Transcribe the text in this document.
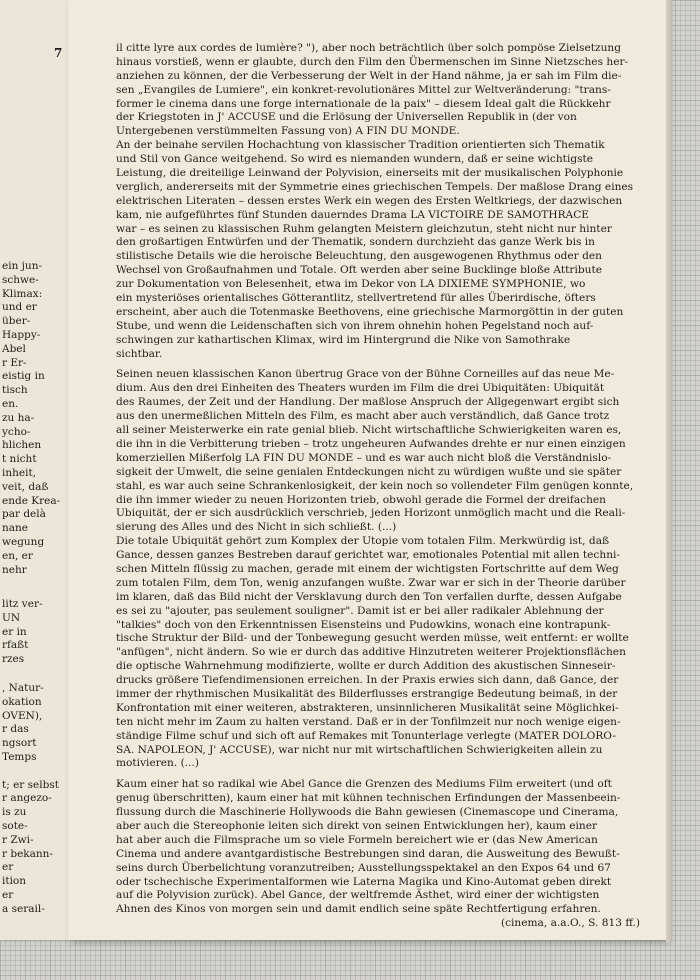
7
ein jun-
schwe-
Klimax:
und er
über-
Happy-
Abel
r Er-
eistig in
tisch
en.
zu ha-
ycho-
hlichen
t nicht
inheit,
veit, daß
ende Krea-
par delà
nane
wegung
en, er
nehr
litz ver-
UN
er in
rfaßt
rzes
, Natur-
okation
OVEN),
r das
ngsort
Temps
t; er selbst
r angezo-
is zu
sote-
r Zwi-
r bekann-
er
ition
er
a serail-
il citte lyre aux cordes de lumière? "), aber noch beträchtlich über solch pompöse Zielsetzung
hinaus vorstieß, wenn er glaubte, durch den Film den Übermenschen im Sinne Nietzsches her-
anziehen zu können, der die Verbesserung der Welt in der Hand nähme, ja er sah im Film die-
sen „Evangiles de Lumiere", ein konkret-revolutionäres Mittel zur Weltveränderung: "trans-
former le cinema dans une forge internationale de la paix" – diesem Ideal galt die Rückkehr
der Kriegstoten in J' ACCUSE und die Erlösung der Universellen Republik in (der von
Untergebenen verstümmelten Fassung von) A FIN DU MONDE.
An der beinahe servilen Hochachtung von klassischer Tradition orientierten sich Thematik
und Stil von Gance weitgehend. So wird es niemanden wundern, daß er seine wichtigste
Leistung, die dreiteilige Leinwand der Polyvision, einerseits mit der musikalischen Polyphonie
verglich, andererseits mit der Symmetrie eines griechischen Tempels. Der maßlose Drang eines
elektrischen Literaten – dessen erstes Werk ein wegen des Ersten Weltkriegs, der dazwischen
kam, nie aufgeführtes fünf Stunden dauerndes Drama LA VICTOIRE DE SAMOTHRACE
war – es seinen zu klassischen Ruhm gelangten Meistern gleichzutun, steht nicht nur hinter
den großartigen Entwürfen und der Thematik, sondern durchzieht das ganze Werk bis in
stilistische Details wie die heroische Beleuchtung, den ausgewogenen Rhythmus oder den
Wechsel von Großaufnahmen und Totale. Oft werden aber seine Bucklinge bloße Attribute
zur Dokumentation von Belesenheit, etwa im Dekor von LA DIXIEME SYMPHONIE, wo
ein mysteriöses orientalisches Götterantlitz, stellvertretend für alles Überirdische, öfters
erscheint, aber auch die Totenmaske Beethovens, eine griechische Marmorgöttin in der guten
Stube, und wenn die Leidenschaften sich von ihrem ohnehin hohen Pegelstand noch auf-
schwingen zur kathartischen Klimax, wird im Hintergrund die Nike von Samothrake
sichtbar.
Seinen neuen klassischen Kanon übertrug Grace von der Bühne Corneilles auf das neue Me-
dium. Aus den drei Einheiten des Theaters wurden im Film die drei Ubiquitäten: Ubiquität
des Raumes, der Zeit und der Handlung. Der maßlose Anspruch der Allgegenwart ergibt sich
aus den unermeßlichen Mitteln des Film, es macht aber auch verständlich, daß Gance trotz
all seiner Meisterwerke ein rate genial blieb. Nicht wirtschaftliche Schwierigkeiten waren es,
die ihn in die Verbitterung trieben – trotz ungeheuren Aufwandes drehte er nur einen einzigen
komerziellen Mißerfolg LA FIN DU MONDE – und es war auch nicht bloß die Verständnislo-
sigkeit der Umwelt, die seine genialen Entdeckungen nicht zu würdigen wußte und sie später
stahl, es war auch seine Schrankenlosigkeit, der kein noch so vollendeter Film genügen konnte,
die ihn immer wieder zu neuen Horizonten trieb, obwohl gerade die Formel der dreifachen
Ubiquität, der er sich ausdrücklich verschrieb, jeden Horizont unmöglich macht und die Reali-
sierung des Alles und des Nicht in sich schließt. (...)
Die totale Ubiquität gehört zum Komplex der Utopie vom totalen Film. Merkwürdig ist, daß
Gance, dessen ganzes Bestreben darauf gerichtet war, emotionales Potential mit allen techni-
schen Mitteln flüssig zu machen, gerade mit einem der wichtigsten Fortschritte auf dem Weg
zum totalen Film, dem Ton, wenig anzufangen wußte. Zwar war er sich in der Theorie darüber
im klaren, daß das Bild nicht der Versklavung durch den Ton verfallen durfte, dessen Aufgabe
es sei zu "ajouter, pas seulement souligner". Damit ist er bei aller radikaler Ablehnung der
"talkies" doch von den Erkenntnissen Eisensteins und Pudowkins, wonach eine kontrapunk-
tische Struktur der Bild- und der Tonbewegung gesucht werden müsse, weit entfernt: er wollte
"anfügen", nicht ändern. So wie er durch das additive Hinzutreten weiterer Projektionsflächen
die optische Wahrnehmung modifizierte, wollte er durch Addition des akustischen Sinneseir-
drucks größere Tiefendimensionen erreichen. In der Praxis erwies sich dann, daß Gance, der
immer der rhythmischen Musikalität des Bilderflusses erstrangige Bedeutung beimaß, in der
Konfrontation mit einer weiteren, abstrakteren, unsinnlicheren Musikalität seine Möglichkei-
ten nicht mehr im Zaum zu halten verstand. Daß er in der Tonfilmzeit nur noch wenige eigen-
ständige Filme schuf und sich oft auf Remakes mit Tonunterlage verlegte (MATER DOLORO-
SA. NAPOLEON, J' ACCUSE), war nicht nur mit wirtschaftlichen Schwierigkeiten allein zu
motivieren. (...)
Kaum einer hat so radikal wie Abel Gance die Grenzen des Mediums Film erweitert (und oft
genug überschritten), kaum einer hat mit kühnen technischen Erfindungen der Massenbeein-
flussung durch die Maschinerie Hollywoods die Bahn gewiesen (Cinemascope und Cinerama,
aber auch die Stereophonie leiten sich direkt von seinen Entwicklungen her), kaum einer
hat aber auch die Filmsprache um so viele Formeln bereichert wie er (das New American
Cinema und andere avantgardistische Bestrebungen sind daran, die Ausweitung des Bewußt-
seins durch Überbelichtung voranzutreiben; Ausstellungsspektakel an den Expos 64 und 67
oder tschechische Experimentalformen wie Laterna Magika und Kino-Automat geben direkt
auf die Polyvision zurück). Abel Gance, der weltfremde Ästhet, wird einer der wichtigsten
Ahnen des Kinos von morgen sein und damit endlich seine späte Rechtfertigung erfahren.
(cinema, a.a.O., S. 813 ff.)
